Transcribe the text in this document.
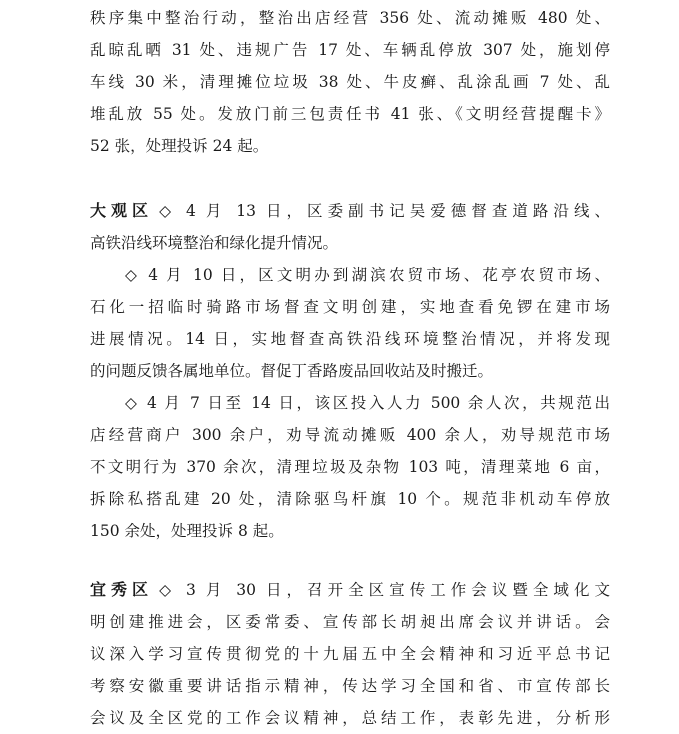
秩序集中整治行动，整治出店经营 356 处、流动摊贩 480 处、
乱晾乱晒 31 处、违规广告 17 处、车辆乱停放 307 处，施划停
车线 30 米，清理摊位垃圾 38 处、牛皮癣、乱涂乱画 7 处、乱
堆乱放 55 处。发放门前三包责任书 41 张、《文明经营提醒卡》
52 张，处理投诉 24 起。
大观区 ◇ 4 月 13 日，区委副书记吴爱德督查道路沿线、
高铁沿线环境整治和绿化提升情况。
◇ 4 月 10 日，区文明办到湖滨农贸市场、花亭农贸市场、
石化一招临时骑路市场督查文明创建，实地查看免锣在建市场
进展情况。14 日，实地督查高铁沿线环境整治情况，并将发现
的问题反馈各属地单位。督促丁香路废品回收站及时搬迁。
◇ 4 月 7 日至 14 日，该区投入人力 500 余人次，共规范出
店经营商户 300 余户，劝导流动摊贩 400 余人，劝导规范市场
不文明行为 370 余次，清理垃圾及杂物 103 吨，清理菜地 6 亩，
拆除私搭乱建 20 处，清除驱鸟杆旗 10 个。规范非机动车停放
150 余处，处理投诉 8 起。
宜秀区 ◇ 3 月 30 日，召开全区宣传工作会议暨全域化文
明创建推进会，区委常委、宣传部长胡昶出席会议并讲话。会
议深入学习宣传贯彻党的十九届五中全会精神和习近平总书记
考察安徽重要讲话指示精神，传达学习全国和省、市宣传部长
会议及全区党的工作会议精神，总结工作，表彰先进，分析形
